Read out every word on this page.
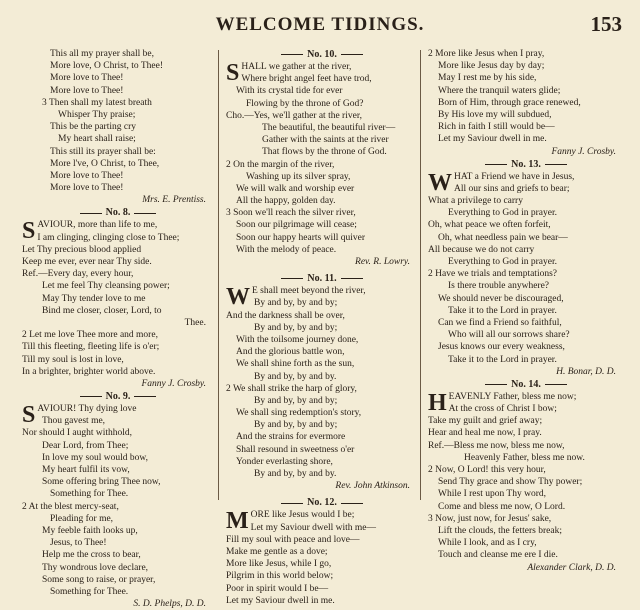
WELCOME TIDINGS.	153
This all my prayer shall be,
More love, O Christ, to Thee!
More love to Thee!
More love to Thee!
3 Then shall my latest breath
Whisper Thy praise;
This be the parting cry
My heart shall raise;
This still its prayer shall be:
More l've, O Christ, to Thee,
More love to Thee!
More love to Thee!
Mrs. E. Prentiss.
No. 8.
S AVIOUR, more than life to me,
I am clinging, clinging close to Thee;
Let Thy precious blood applied
Keep me ever, ever near Thy side.
Ref.—Every day, every hour,
Let me feel Thy cleansing power;
May Thy tender love to me
Bind me closer, closer, Lord, to
Thee.
2 Let me love Thee more and more,
Till this fleeting, fleeting life is o'er;
Till my soul is lost in love,
In a brighter, brighter world above.
Fanny J. Crosby.
No. 9.
S AVIOUR! Thy dying love
Thou gavest me,
Nor should I aught withhold,
Dear Lord, from Thee;
In love my soul would bow,
My heart fulfil its vow,
Some offering bring Thee now,
Something for Thee.
2 At the blest mercy-seat,
Pleading for me,
My feeble faith looks up,
Jesus, to Thee!
Help me the cross to bear,
Thy wondrous love declare,
Some song to raise, or prayer,
Something for Thee.
S. D. Phelps, D. D.
No. 10.
S HALL we gather at the river,
Where bright angel feet have trod,
With its crystal tide for ever
Flowing by the throne of God?
Cho.—Yes, we'll gather at the river,
The beautiful, the beautiful river—
Gather with the saints at the river
That flows by the throne of God.
2 On the margin of the river,
Washing up its silver spray,
We will walk and worship ever
All the happy, golden day.
3 Soon we'll reach the silver river,
Soon our pilgrimage will cease;
Soon our happy hearts will quiver
With the melody of peace.
Rev. R. Lowry.
No. 11.
W E shall meet beyond the river,
By and by, by and by;
And the darkness shall be over,
By and by, by and by;
With the toilsome journey done,
And the glorious battle won,
We shall shine forth as the sun,
By and by, by and by.
2 We shall strike the harp of glory,
By and by, by and by;
We shall sing redemption's story,
By and by, by and by;
And the strains for evermore
Shall resound in sweetness o'er
Yonder everlasting shore,
By and by, by and by.
Rev. John Atkinson.
No. 12.
M ORE like Jesus would I be;
Let my Saviour dwell with me—
Fill my soul with peace and love—
Make me gentle as a dove;
More like Jesus, while I go,
Pilgrim in this world below;
Poor in spirit would I be—
Let my Saviour dwell in me.
2 More like Jesus when I pray,
More like Jesus day by day;
May I rest me by his side,
Where the tranquil waters glide;
Born of Him, through grace renewed,
By His love my will subdued,
Rich in faith I still would be—
Let my Saviour dwell in me.
Fanny J. Crosby.
No. 13.
W HAT a Friend we have in Jesus,
All our sins and griefs to bear;
What a privilege to carry
Everything to God in prayer.
Oh, what peace we often forfeit,
Oh, what needless pain we bear—
All because we do not carry
Everything to God in prayer.
2 Have we trials and temptations?
Is there trouble anywhere?
We should never be discouraged,
Take it to the Lord in prayer.
Can we find a Friend so faithful,
Who will all our sorrows share?
Jesus knows our every weakness,
Take it to the Lord in prayer.
H. Bonar, D. D.
No. 14.
H EAVENLY Father, bless me now;
At the cross of Christ I bow;
Take my guilt and grief away;
Hear and heal me now, I pray.
Ref.—Bless me now, bless me now,
Heavenly Father, bless me now.
2 Now, O Lord! this very hour,
Send Thy grace and show Thy power;
While I rest upon Thy word,
Come and bless me now, O Lord.
3 Now, just now, for Jesus' sake,
Lift the clouds, the fetters break;
While I look, and as I cry,
Touch and cleanse me ere I die.
Alexander Clark, D. D.
